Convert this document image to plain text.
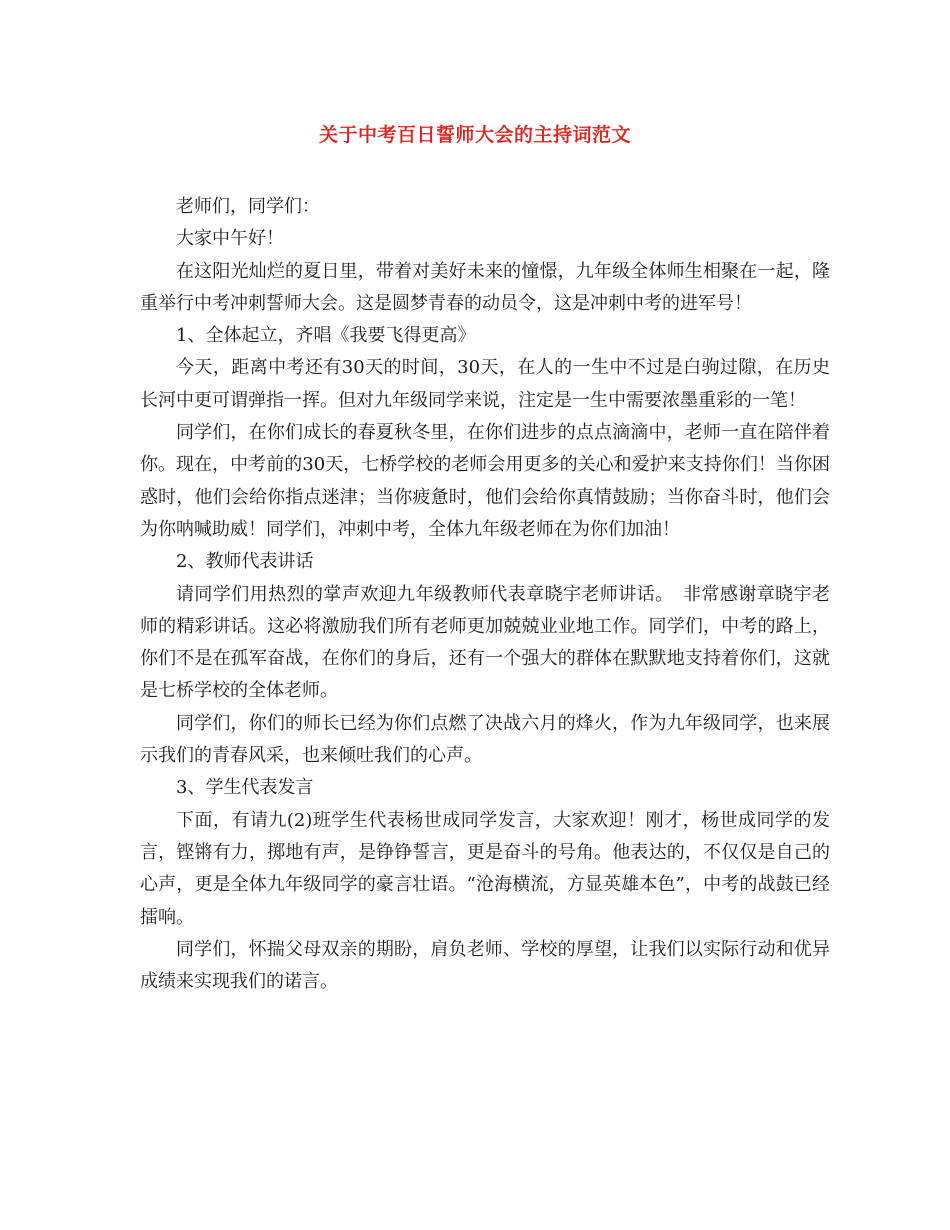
关于中考百日誓师大会的主持词范文

老师们，同学们：

大家中午好！

在这阳光灿烂的夏日里，带着对美好未来的憧憬，九年级全体师生相聚在一起，隆重举行中考冲刺誓师大会。这是圆梦青春的动员令，这是冲刺中考的进军号！

1、全体起立，齐唱《我要飞得更高》

今天，距离中考还有30天的时间，30天，在人的一生中不过是白驹过隙，在历史长河中更可谓弹指一挥。但对九年级同学来说，注定是一生中需要浓墨重彩的一笔！

同学们，在你们成长的春夏秋冬里，在你们进步的点点滴滴中，老师一直在陪伴着你。现在，中考前的30天，七桥学校的老师会用更多的关心和爱护来支持你们！当你困惑时，他们会给你指点迷津；当你疲惫时，他们会给你真情鼓励；当你奋斗时，他们会为你呐喊助威！同学们，冲刺中考，全体九年级老师在为你们加油！

2、教师代表讲话

请同学们用热烈的掌声欢迎九年级教师代表章晓宇老师讲话。　非常感谢章晓宇老师的精彩讲话。这必将激励我们所有老师更加兢兢业业地工作。同学们，中考的路上，你们不是在孤军奋战，在你们的身后，还有一个强大的群体在默默地支持着你们，这就是七桥学校的全体老师。

同学们，你们的师长已经为你们点燃了决战六月的烽火，作为九年级同学，也来展示我们的青春风采，也来倾吐我们的心声。

3、学生代表发言

下面，有请九(2)班学生代表杨世成同学发言，大家欢迎！刚才，杨世成同学的发言，铿锵有力，掷地有声，是铮铮誓言，更是奋斗的号角。他表达的，不仅仅是自己的心声，更是全体九年级同学的豪言壮语。“沧海横流，方显英雄本色”，中考的战鼓已经擂响。

同学们，怀揣父母双亲的期盼，肩负老师、学校的厚望，让我们以实际行动和优异成绩来实现我们的诺言。
